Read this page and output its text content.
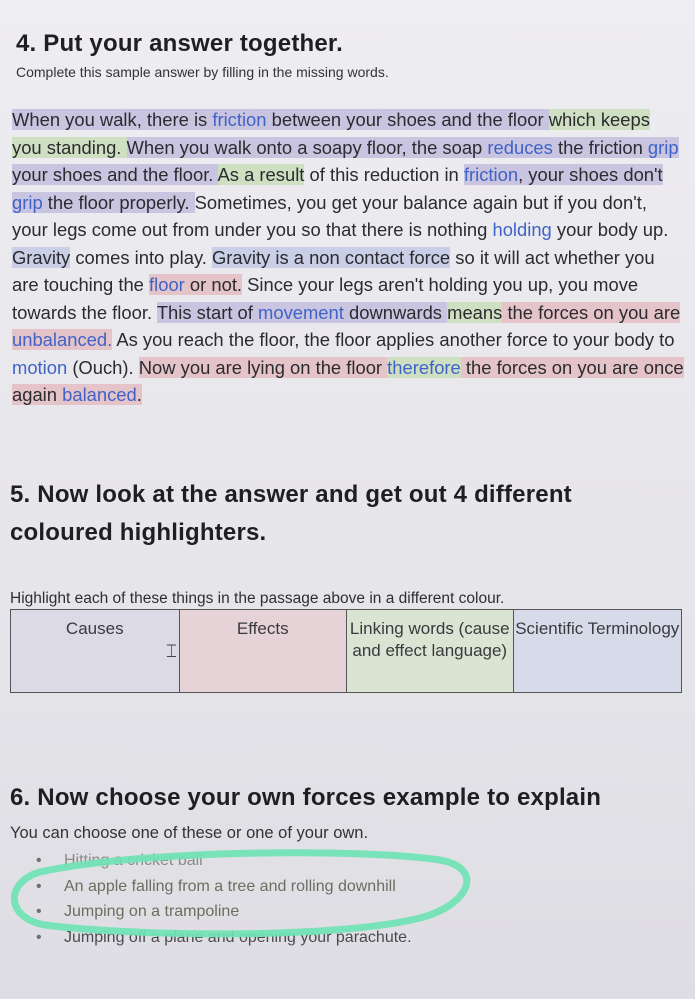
4. Put your answer together.
Complete this sample answer by filling in the missing words.
When you walk, there is friction between your shoes and the floor which keeps you standing. When you walk onto a soapy floor, the soap reduces the friction grip your shoes and the floor. As a result of this reduction in friction, your shoes don't grip the floor properly. Sometimes, you get your balance again but if you don't, your legs come out from under you so that there is nothing holding your body up. Gravity comes into play. Gravity is a non contact force so it will act whether you are touching the floor or not. Since your legs aren't holding you up, you move towards the floor. This start of movement downwards means the forces on you are unbalanced. As you reach the floor, the floor applies another force to your body to motion (Ouch). Now you are lying on the floor therefore the forces on you are once again balanced.
5. Now look at the answer and get out 4 different coloured highlighters.
Highlight each of these things in the passage above in a different colour.
Causes	Effects	Linking words (cause and effect language)
Scientific Terminology
⌶
6. Now choose your own forces example to explain
You can choose one of these or one of your own.
• Hitting a cricket ball
• An apple falling from a tree and rolling downhill
• Jumping on a trampoline
• Jumping off a plane and opening your parachute.
